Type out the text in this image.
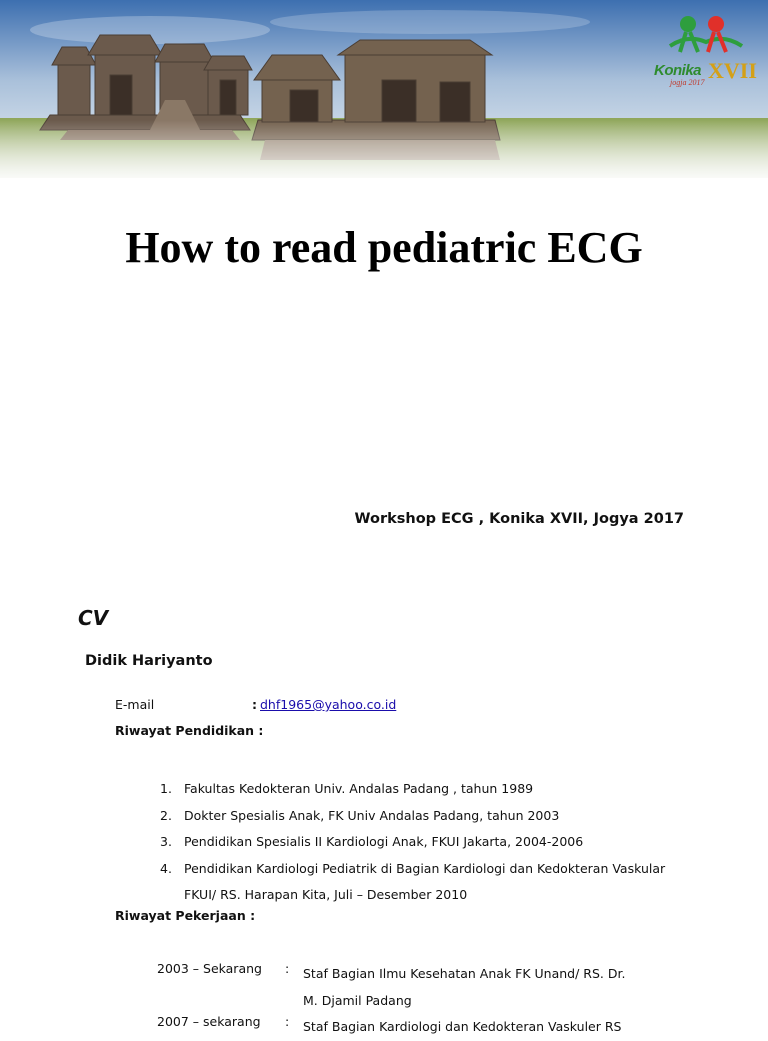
Konika XVII
jogja 2017
How to read pediatric ECG
Workshop ECG , Konika XVII, Jogya 2017
CV
Didik Hariyanto
E-mail	: dhf1965@yahoo.co.id
Riwayat Pendidikan :
1. Fakultas Kedokteran Univ. Andalas Padang , tahun 1989
2. Dokter Spesialis Anak, FK Univ Andalas Padang, tahun 2003
3. Pendidikan Spesialis II Kardiologi Anak, FKUI Jakarta, 2004-2006
4. Pendidikan Kardiologi Pediatrik di Bagian Kardiologi dan Kedokteran Vaskular FKUI/ RS. Harapan Kita, Juli – Desember 2010
Riwayat Pekerjaan :
2003 – Sekarang	: Staf Bagian Ilmu Kesehatan Anak FK Unand/ RS. Dr. M. Djamil Padang
2007 – sekarang	: Staf Bagian Kardiologi dan Kedokteran Vaskuler RS
